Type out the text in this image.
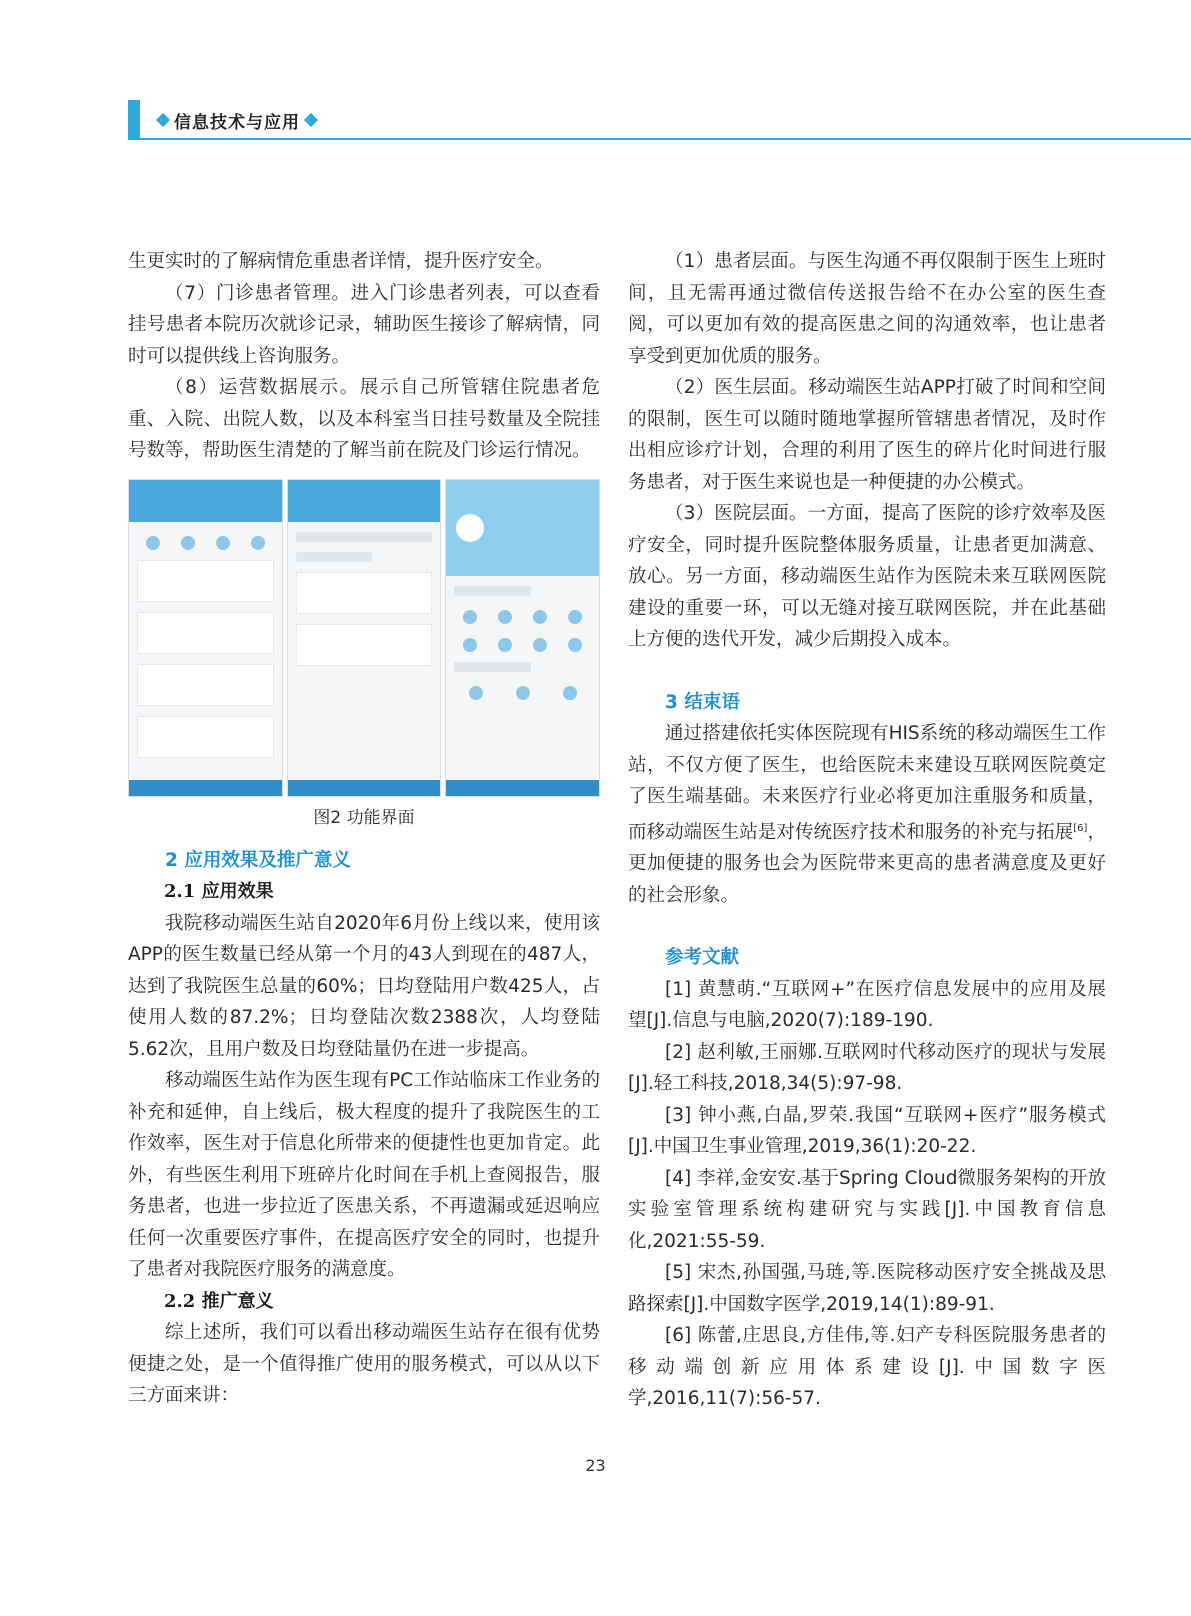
信息技术与应用

生更实时的了解病情危重患者详情，提升医疗安全。

（7）门诊患者管理。进入门诊患者列表，可以查看挂号患者本院历次就诊记录，辅助医生接诊了解病情，同时可以提供线上咨询服务。

（8）运营数据展示。展示自己所管辖住院患者危重、入院、出院人数，以及本科室当日挂号数量及全院挂号数等，帮助医生清楚的了解当前在院及门诊运行情况。

图2 功能界面
2 应用效果及推广意义
2.1 应用效果

我院移动端医生站自2020年6月份上线以来，使用该APP的医生数量已经从第一个月的43人到现在的487人，达到了我院医生总量的60%；日均登陆用户数425人，占使用人数的87.2%；日均登陆次数2388次，人均登陆5.62次，且用户数及日均登陆量仍在进一步提高。

移动端医生站作为医生现有PC工作站临床工作业务的补充和延伸，自上线后，极大程度的提升了我院医生的工作效率，医生对于信息化所带来的便捷性也更加肯定。此外，有些医生利用下班碎片化时间在手机上查阅报告，服务患者，也进一步拉近了医患关系，不再遗漏或延迟响应任何一次重要医疗事件，在提高医疗安全的同时，也提升了患者对我院医疗服务的满意度。

2.2 推广意义

综上述所，我们可以看出移动端医生站存在很有优势便捷之处，是一个值得推广使用的服务模式，可以从以下三方面来讲：

（1）患者层面。与医生沟通不再仅限制于医生上班时间，且无需再通过微信传送报告给不在办公室的医生查阅，可以更加有效的提高医患之间的沟通效率，也让患者享受到更加优质的服务。

（2）医生层面。移动端医生站APP打破了时间和空间的限制，医生可以随时随地掌握所管辖患者情况，及时作出相应诊疗计划，合理的利用了医生的碎片化时间进行服务患者，对于医生来说也是一种便捷的办公模式。

（3）医院层面。一方面，提高了医院的诊疗效率及医疗安全，同时提升医院整体服务质量，让患者更加满意、放心。另一方面，移动端医生站作为医院未来互联网医院建设的重要一环，可以无缝对接互联网医院，并在此基础上方便的迭代开发，减少后期投入成本。

3 结束语

通过搭建依托实体医院现有HIS系统的移动端医生工作站，不仅方便了医生，也给医院未来建设互联网医院奠定了医生端基础。未来医疗行业必将更加注重服务和质量，而移动端医生站是对传统医疗技术和服务的补充与拓展[6]，更加便捷的服务也会为医院带来更高的患者满意度及更好的社会形象。

参考文献

[1] 黄慧萌.“互联网+”在医疗信息发展中的应用及展望[J].信息与电脑,2020(7):189-190.

[2] 赵利敏,王丽娜.互联网时代移动医疗的现状与发展[J].轻工科技,2018,34(5):97-98.

[3] 钟小燕,白晶,罗荣.我国“互联网+医疗”服务模式[J].中国卫生事业管理,2019,36(1):20-22.

[4] 李祥,金安安.基于Spring Cloud微服务架构的开放实验室管理系统构建研究与实践[J].中国教育信息化,2021:55-59.

[5] 宋杰,孙国强,马琏,等.医院移动医疗安全挑战及思路探索[J].中国数字医学,2019,14(1):89-91.

[6] 陈蕾,庄思良,方佳伟,等.妇产专科医院服务患者的移动端创新应用体系建设[J].中国数字医学,2016,11(7):56-57.

23
